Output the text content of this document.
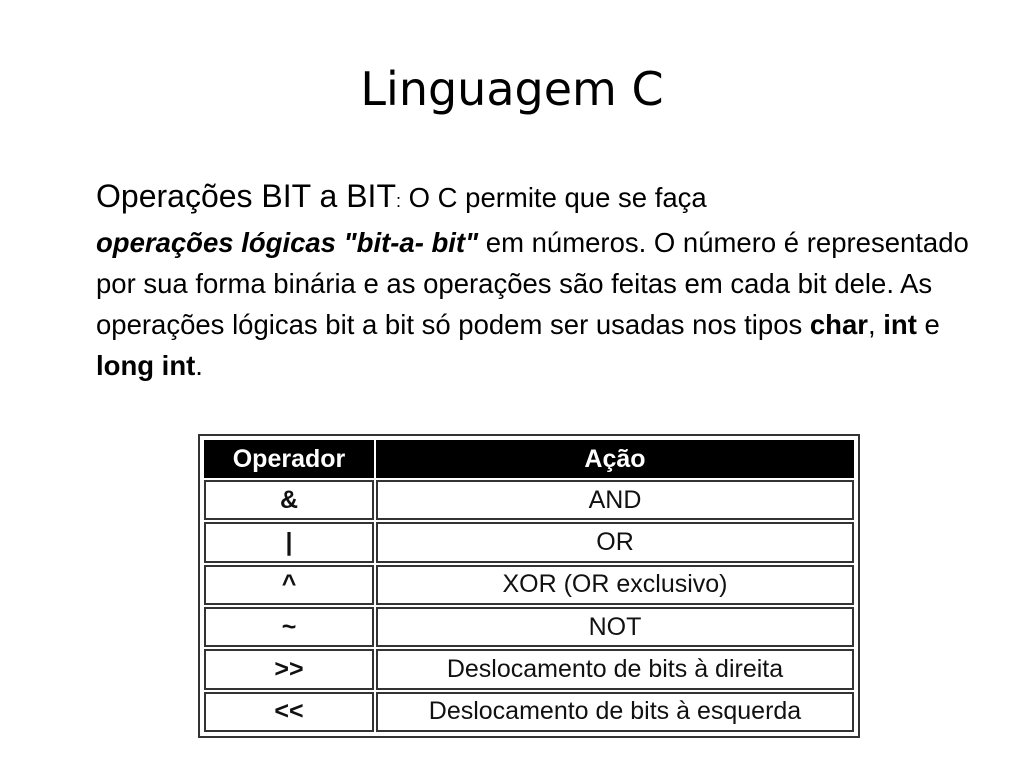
Linguagem C
Operações BIT a BIT: O C permite que se faça
operações lógicas "bit-a- bit" em números. O número é representado por sua forma binária e as operações são feitas em cada bit dele. As operações lógicas bit a bit só podem ser usadas nos tipos char, int e long int.
Operador	Ação
&	AND
|	OR
^	XOR (OR exclusivo)
~	NOT
>>	Deslocamento de bits à direita
<<	Deslocamento de bits à esquerda
